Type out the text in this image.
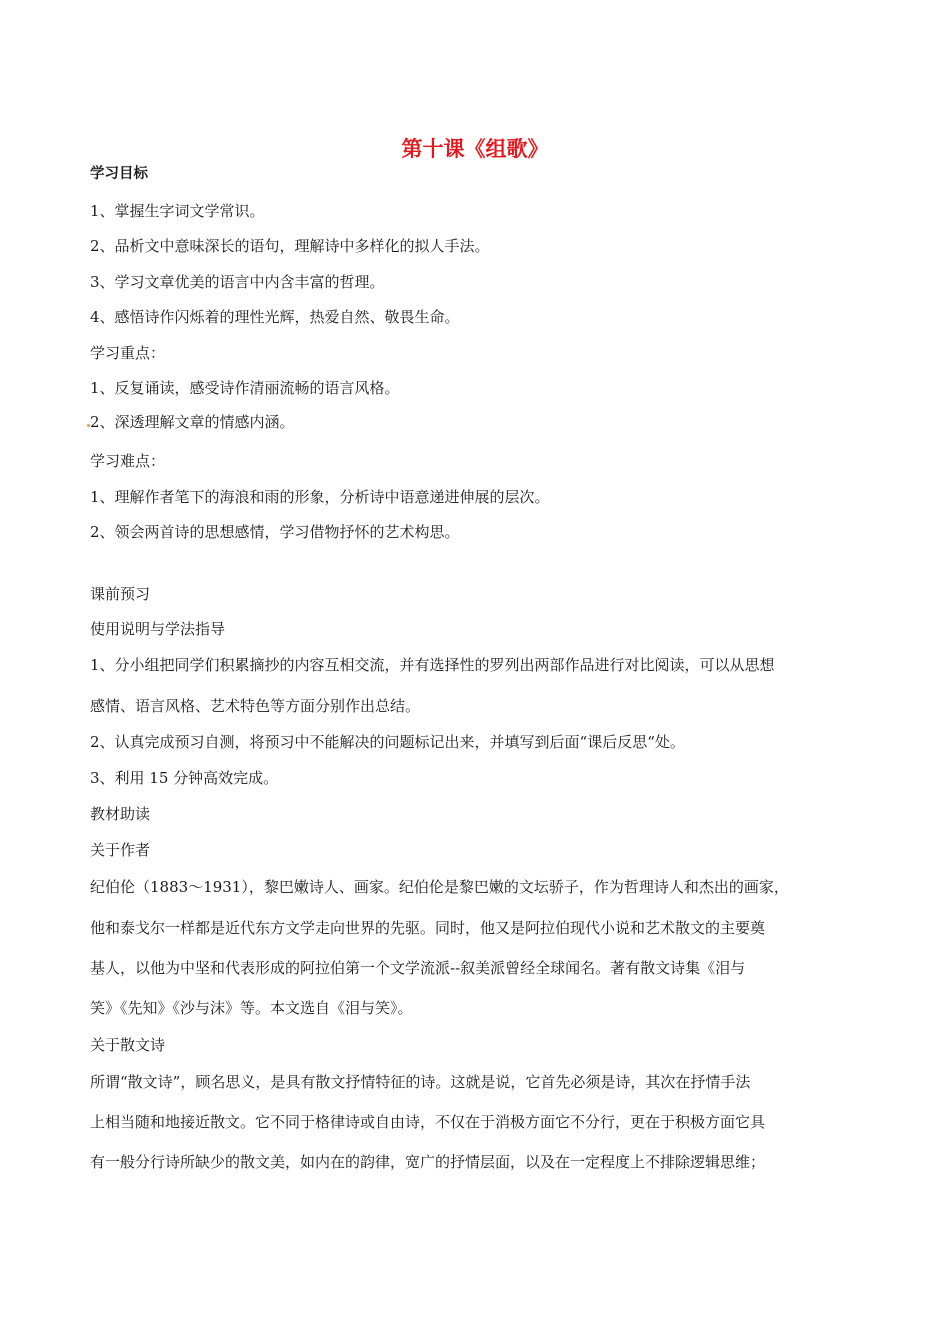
第十课《组歌》
学习目标
1、掌握生字词文学常识。
2、品析文中意味深长的语句，理解诗中多样化的拟人手法。
3、学习文章优美的语言中内含丰富的哲理。
4、感悟诗作闪烁着的理性光辉，热爱自然、敬畏生命。
学习重点：
1、反复诵读，感受诗作清丽流畅的语言风格。
2、深透理解文章的情感内涵。
学习难点：
1、理解作者笔下的海浪和雨的形象，分析诗中语意递进伸展的层次。
2、领会两首诗的思想感情，学习借物抒怀的艺术构思。
课前预习
使用说明与学法指导
1、分小组把同学们积累摘抄的内容互相交流，并有选择性的罗列出两部作品进行对比阅读，可以从思想
感情、语言风格、艺术特色等方面分别作出总结。
2、认真完成预习自测，将预习中不能解决的问题标记出来，并填写到后面“课后反思“处。
3、利用 15 分钟高效完成。
教材助读
关于作者
纪伯伦（1883～1931），黎巴嫩诗人、画家。纪伯伦是黎巴嫩的文坛骄子，作为哲理诗人和杰出的画家，
他和泰戈尔一样都是近代东方文学走向世界的先驱。同时，他又是阿拉伯现代小说和艺术散文的主要奠
基人，以他为中坚和代表形成的阿拉伯第一个文学流派--叙美派曾经全球闻名。著有散文诗集《泪与
笑》《先知》《沙与沫》等。本文选自《泪与笑》。
关于散文诗
所谓“散文诗”，顾名思义，是具有散文抒情特征的诗。这就是说，它首先必须是诗，其次在抒情手法
上相当随和地接近散文。它不同于格律诗或自由诗，不仅在于消极方面它不分行，更在于积极方面它具
有一般分行诗所缺少的散文美，如内在的韵律，宽广的抒情层面，以及在一定程度上不排除逻辑思维；
